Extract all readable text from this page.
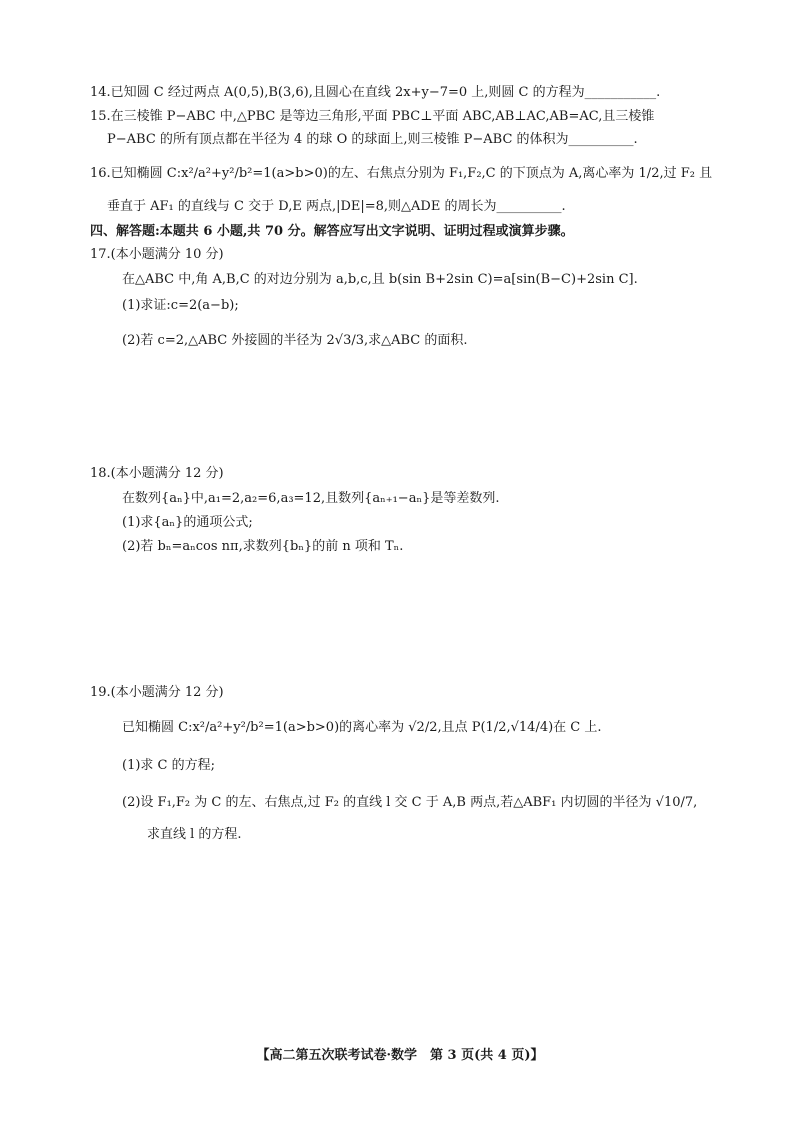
14.已知圆 C 经过两点 A(0,5),B(3,6),且圆心在直线 2x+y−7=0 上,则圆 C 的方程为___________.
15.在三棱锥 P−ABC 中,△PBC 是等边三角形,平面 PBC⊥平面 ABC,AB⊥AC,AB=AC,且三棱锥
P−ABC 的所有顶点都在半径为 4 的球 O 的球面上,则三棱锥 P−ABC 的体积为__________.
16.已知椭圆 C:x²/a²+y²/b²=1(a>b>0)的左、右焦点分别为 F₁,F₂,C 的下顶点为 A,离心率为 1/2,过 F₂ 且
垂直于 AF₁ 的直线与 C 交于 D,E 两点,|DE|=8,则△ADE 的周长为__________.
四、解答题:本题共 6 小题,共 70 分。解答应写出文字说明、证明过程或演算步骤。
17.(本小题满分 10 分)
在△ABC 中,角 A,B,C 的对边分别为 a,b,c,且 b(sin B+2sin C)=a[sin(B−C)+2sin C].
(1)求证:c=2(a−b);
(2)若 c=2,△ABC 外接圆的半径为 2√3/3,求△ABC 的面积.
18.(本小题满分 12 分)
在数列{aₙ}中,a₁=2,a₂=6,a₃=12,且数列{aₙ₊₁−aₙ}是等差数列.
(1)求{aₙ}的通项公式;
(2)若 bₙ=aₙcos nπ,求数列{bₙ}的前 n 项和 Tₙ.
19.(本小题满分 12 分)
已知椭圆 C:x²/a²+y²/b²=1(a>b>0)的离心率为 √2/2,且点 P(1/2,√14/4)在 C 上.
(1)求 C 的方程;
(2)设 F₁,F₂ 为 C 的左、右焦点,过 F₂ 的直线 l 交 C 于 A,B 两点,若△ABF₁ 内切圆的半径为 √10/7,
求直线 l 的方程.
【高二第五次联考试卷·数学　第 3 页(共 4 页)】
